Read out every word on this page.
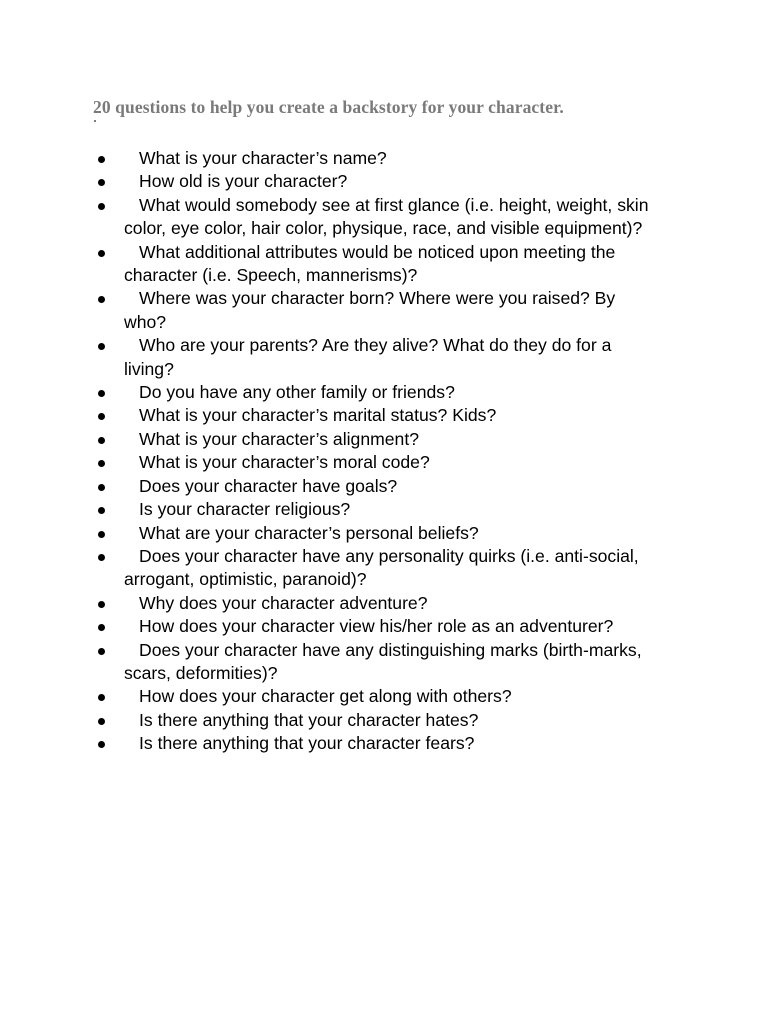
20 questions to help you create a backstory for your character.
What is your character’s name?
How old is your character?
What would somebody see at first glance (i.e. height, weight, skin color, eye color, hair color, physique, race, and visible equipment)?
What additional attributes would be noticed upon meeting the character (i.e. Speech, mannerisms)?
Where was your character born? Where were you raised? By who?
Who are your parents? Are they alive? What do they do for a living?
Do you have any other family or friends?
What is your character’s marital status? Kids?
What is your character’s alignment?
What is your character’s moral code?
Does your character have goals?
Is your character religious?
What are your character’s personal beliefs?
Does your character have any personality quirks (i.e. anti-social, arrogant, optimistic, paranoid)?
Why does your character adventure?
How does your character view his/her role as an adventurer?
Does your character have any distinguishing marks (birth-marks, scars, deformities)?
How does your character get along with others?
Is there anything that your character hates?
Is there anything that your character fears?
